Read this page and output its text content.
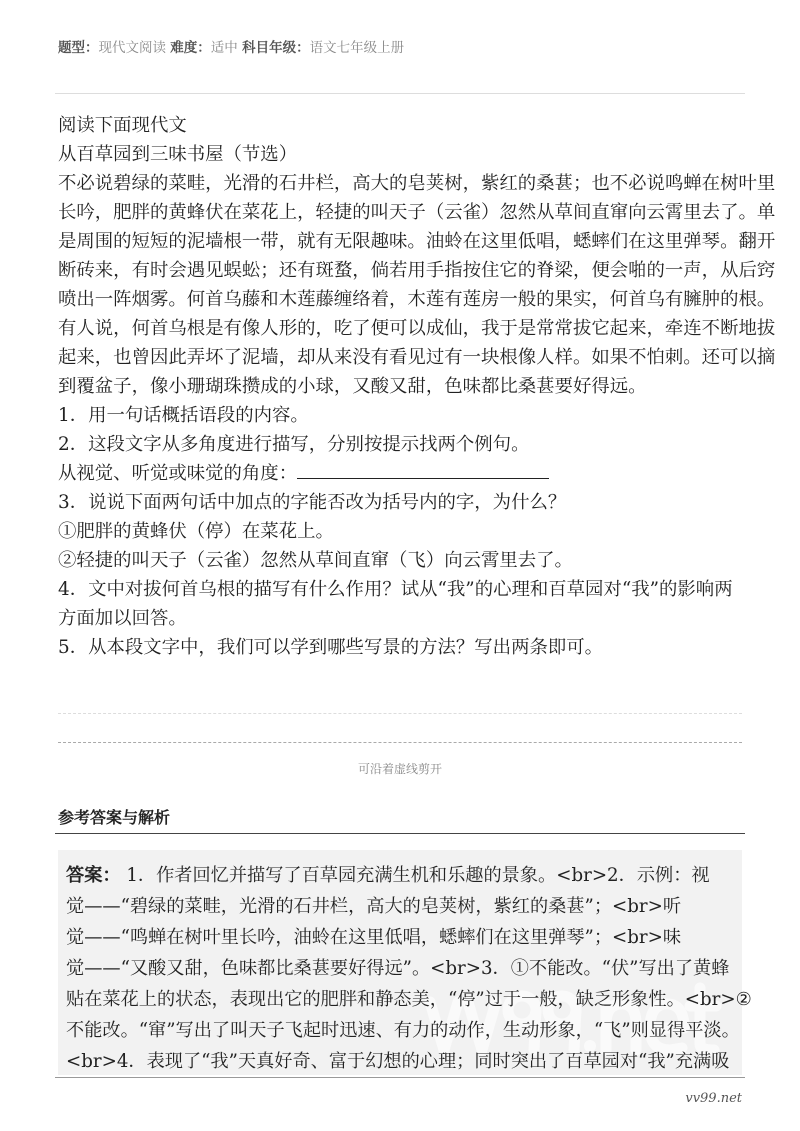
题型：现代文阅读 难度：适中 科目年级：语文七年级上册
阅读下面现代文
从百草园到三味书屋（节选）
不必说碧绿的菜畦，光滑的石井栏，高大的皂荚树，紫红的桑葚；也不必说鸣蝉在树叶里
长吟，肥胖的黄蜂伏在菜花上，轻捷的叫天子（云雀）忽然从草间直窜向云霄里去了。单
是周围的短短的泥墙根一带，就有无限趣味。油蛉在这里低唱，蟋蟀们在这里弹琴。翻开
断砖来，有时会遇见蜈蚣；还有斑蝥，倘若用手指按住它的脊梁，便会啪的一声，从后窍
喷出一阵烟雾。何首乌藤和木莲藤缠络着，木莲有莲房一般的果实，何首乌有臃肿的根。
有人说，何首乌根是有像人形的，吃了便可以成仙，我于是常常拔它起来，牵连不断地拔
起来，也曾因此弄坏了泥墙，却从来没有看见过有一块根像人样。如果不怕刺。还可以摘
到覆盆子，像小珊瑚珠攒成的小球，又酸又甜，色味都比桑葚要好得远。
1．用一句话概括语段的内容。
2．这段文字从多角度进行描写，分别按提示找两个例句。
从视觉、听觉或味觉的角度：
3．说说下面两句话中加点的字能否改为括号内的字，为什么？
①肥胖的黄蜂伏（停）在菜花上。
②轻捷的叫天子（云雀）忽然从草间直窜（飞）向云霄里去了。
4．文中对拔何首乌根的描写有什么作用？试从“我”的心理和百草园对“我”的影响两
方面加以回答。
5．从本段文字中，我们可以学到哪些写景的方法？写出两条即可。
可沿着虚线剪开
参考答案与解析
答案： 1．作者回忆并描写了百草园充满生机和乐趣的景象。<br>2．示例：视
觉——“碧绿的菜畦，光滑的石井栏，高大的皂荚树，紫红的桑葚”；<br>听
觉——“鸣蝉在树叶里长吟，油蛉在这里低唱，蟋蟀们在这里弹琴”；<br>味
觉——“又酸又甜，色味都比桑葚要好得远”。<br>3．①不能改。“伏”写出了黄蜂
贴在菜花上的状态，表现出它的肥胖和静态美，“停”过于一般，缺乏形象性。<br>②
不能改。“窜”写出了叫天子飞起时迅速、有力的动作，生动形象，“飞”则显得平淡。
<br>4．表现了“我”天真好奇、富于幻想的心理；同时突出了百草园对“我”充满吸
vv99.net
